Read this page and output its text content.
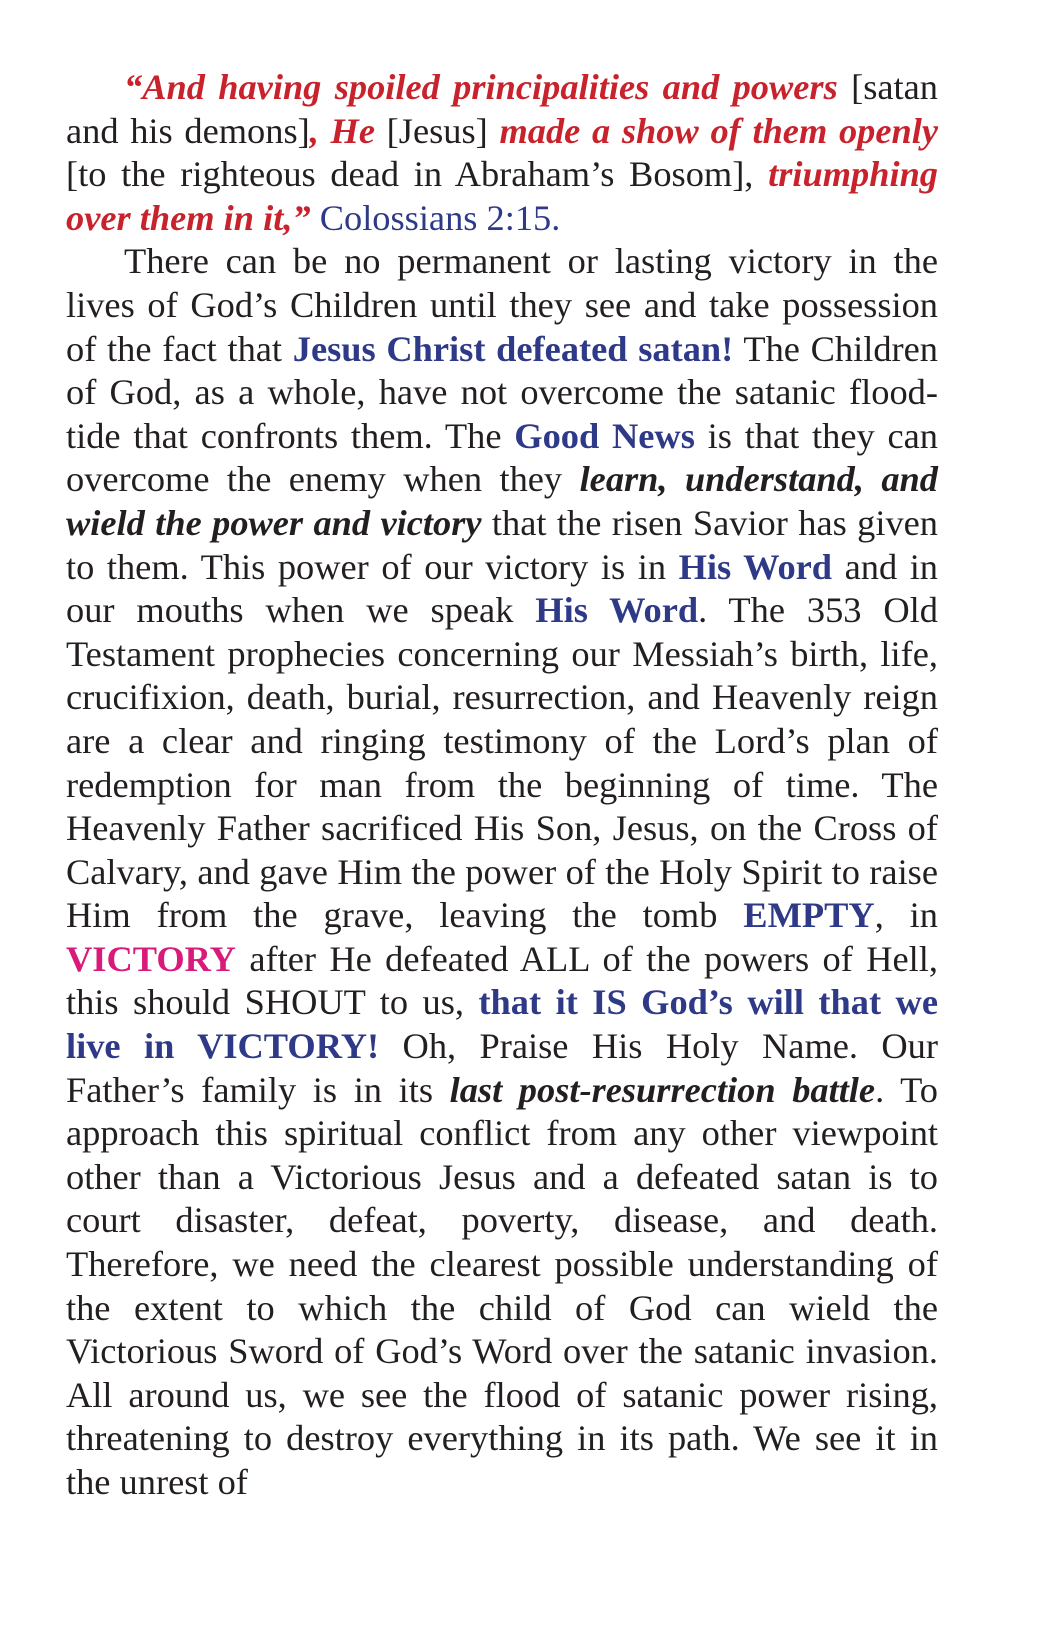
“And having spoiled principalities and powers [satan and his demons], He [Jesus] made a show of them openly [to the righteous dead in Abraham’s Bosom], triumphing over them in it,” Colossians 2:15.

There can be no permanent or lasting victory in the lives of God’s Children until they see and take possession of the fact that Jesus Christ defeated satan! The Children of God, as a whole, have not overcome the satanic flood-tide that confronts them. The Good News is that they can overcome the enemy when they learn, understand, and wield the power and victory that the risen Savior has given to them. This power of our victory is in His Word and in our mouths when we speak His Word. The 353 Old Testament prophecies concerning our Messiah’s birth, life, crucifixion, death, burial, resurrection, and Heavenly reign are a clear and ringing testimony of the Lord’s plan of redemption for man from the beginning of time. The Heavenly Father sacrificed His Son, Jesus, on the Cross of Calvary, and gave Him the power of the Holy Spirit to raise Him from the grave, leaving the tomb EMPTY, in VICTORY after He defeated ALL of the powers of Hell, this should SHOUT to us, that it IS God’s will that we live in VICTORY! Oh, Praise His Holy Name. Our Father’s family is in its last post-resurrection battle. To approach this spiritual conflict from any other viewpoint other than a Victorious Jesus and a defeated satan is to court disaster, defeat, poverty, disease, and death. Therefore, we need the clearest possible understanding of the extent to which the child of God can wield the Victorious Sword of God’s Word over the satanic invasion. All around us, we see the flood of satanic power rising, threatening to destroy everything in its path. We see it in the unrest of
